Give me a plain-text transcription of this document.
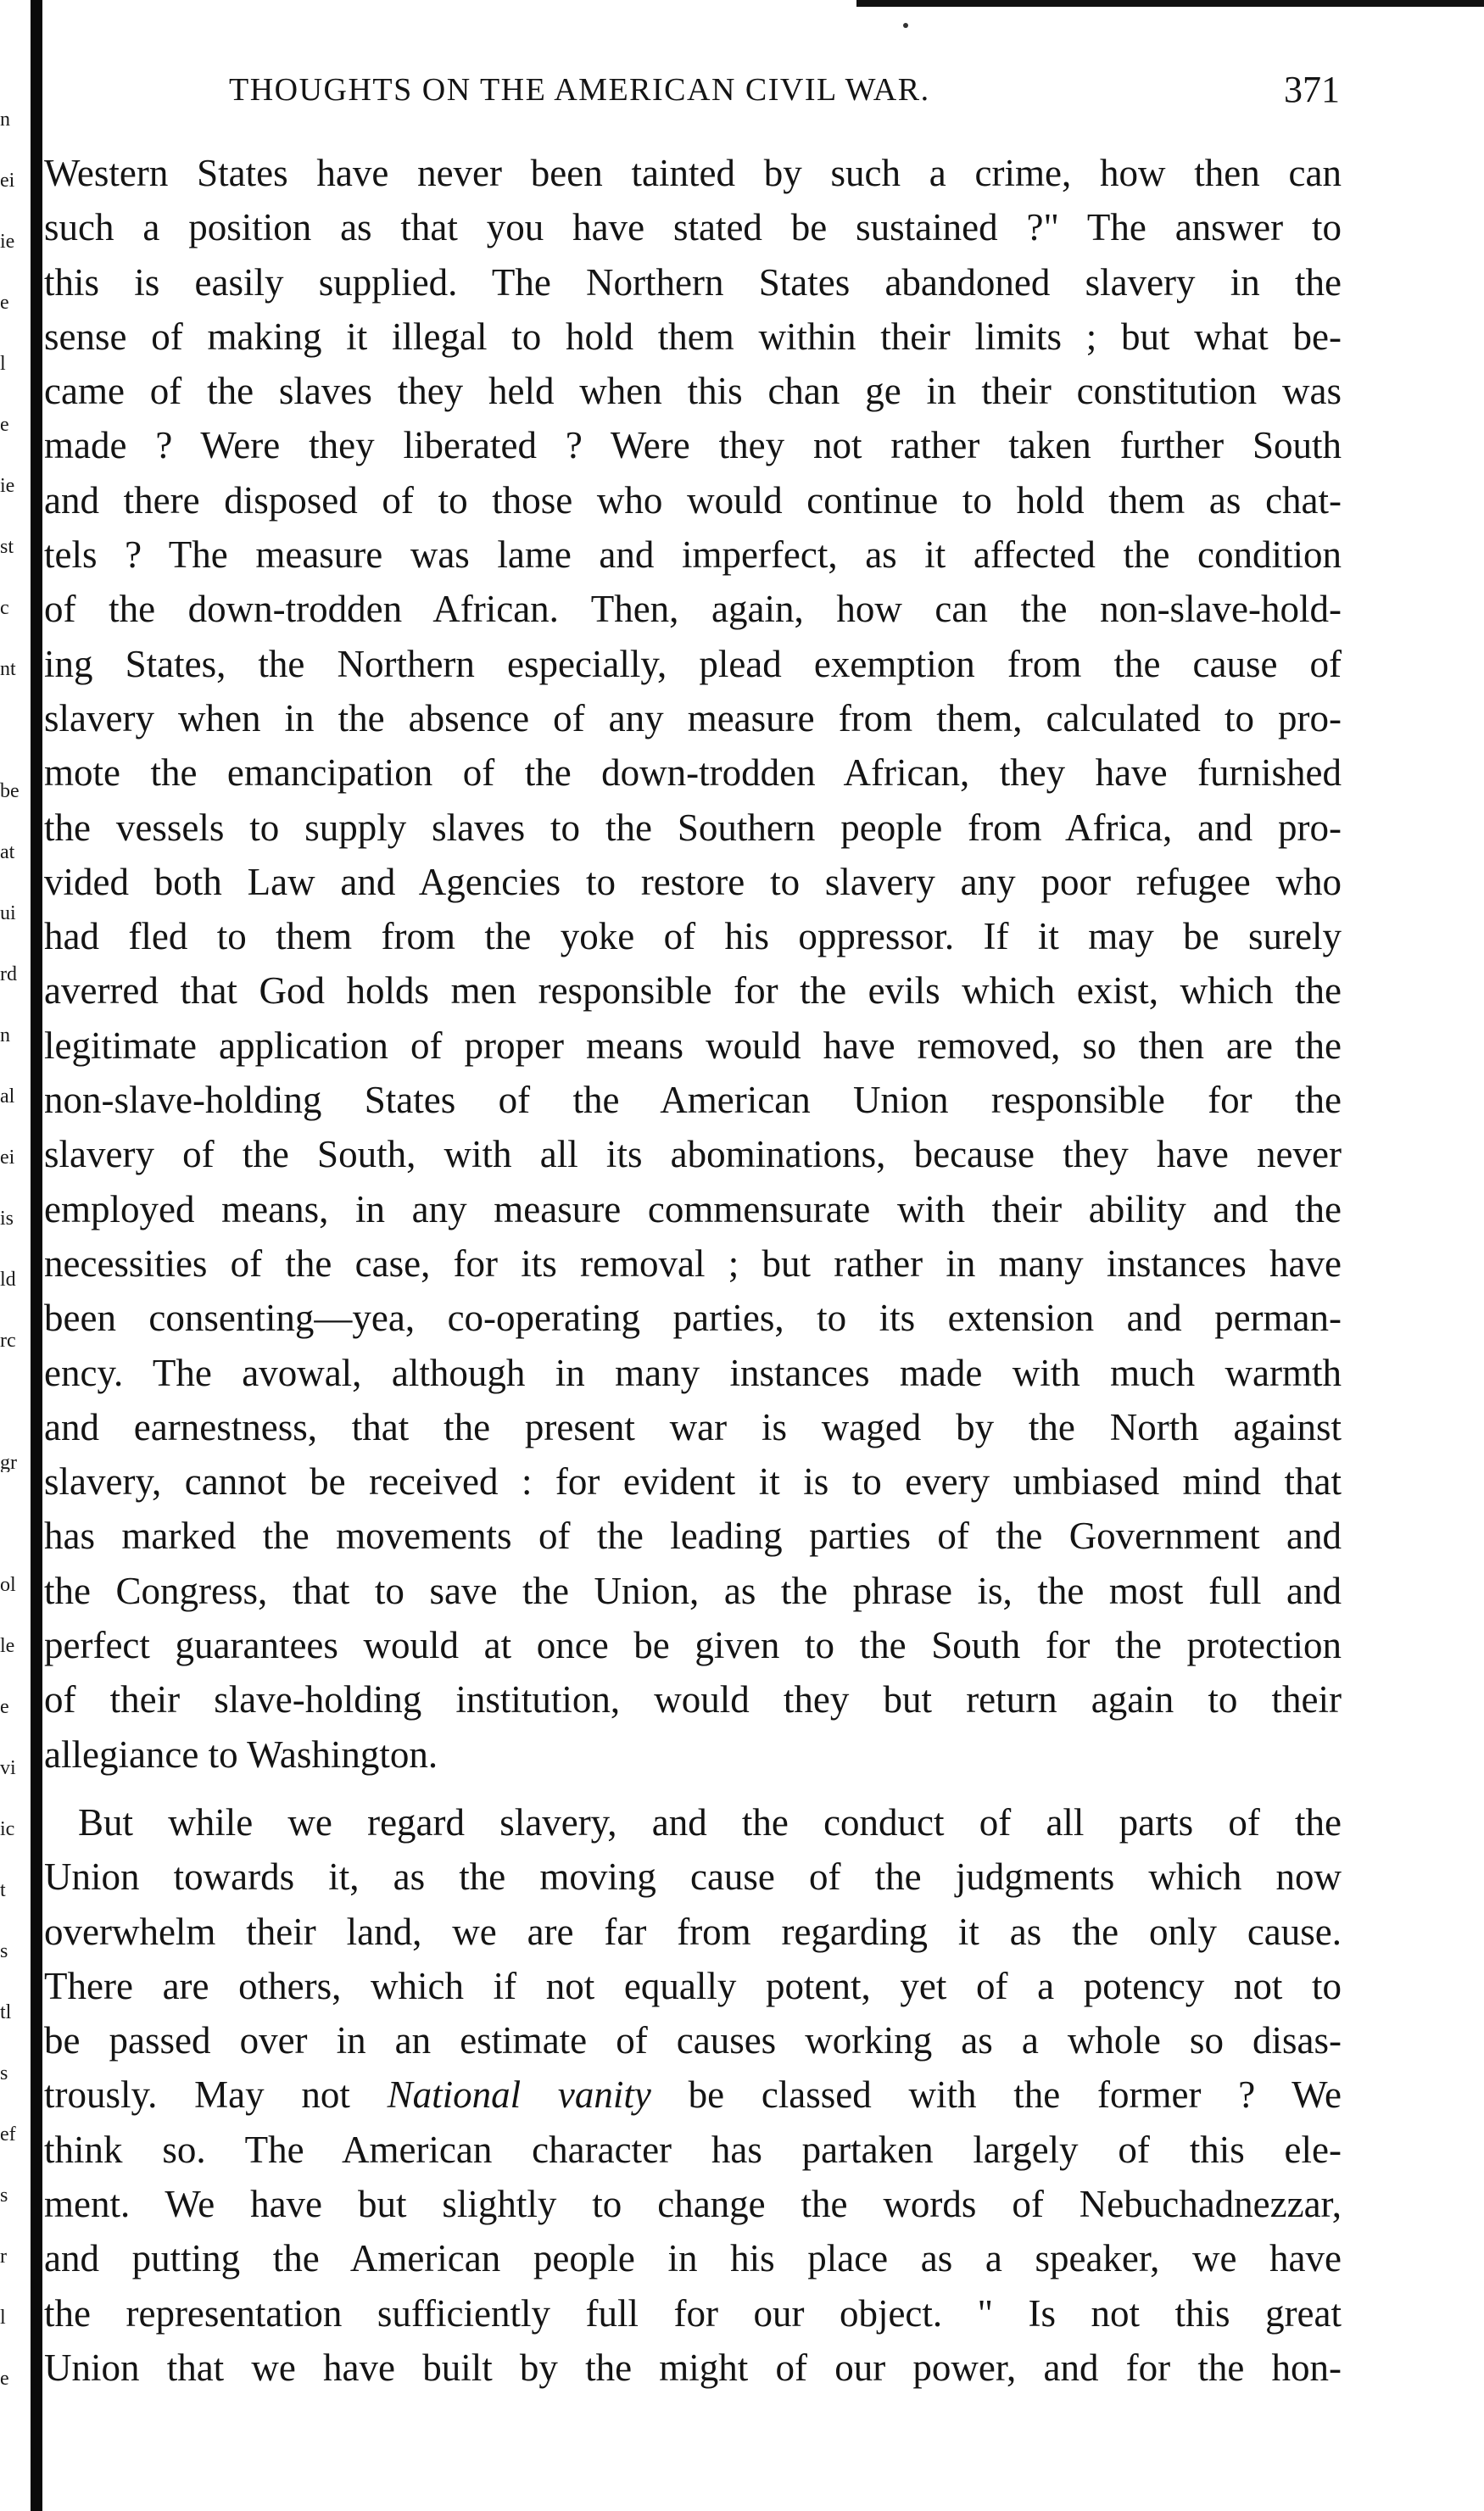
n
ei
ie
e
l
e
ie
st
c
nt
be
at
ui
rd
n
al
ei
is
ld
rc
gr
ol
le
e
vi
ic
t
s
tl
s
ef
s
r
l
e
THOUGHTS ON THE AMERICAN CIVIL WAR.	371
Western States have never been tainted by such a crime, how then can
such a position as that you have stated be sustained ?" The answer to
this is easily supplied. The Northern States abandoned slavery in the
sense of making it illegal to hold them within their limits ; but what be-
came of the slaves they held when this chan ge in their constitution was
made ? Were they liberated ? Were they not rather taken further South
and there disposed of to those who would continue to hold them as chat-
tels ? The measure was lame and imperfect, as it affected the condition
of the down-trodden African. Then, again, how can the non-slave-hold-
ing States, the Northern especially, plead exemption from the cause of
slavery when in the absence of any measure from them, calculated to pro-
mote the emancipation of the down-trodden African, they have furnished
the vessels to supply slaves to the Southern people from Africa, and pro-
vided both Law and Agencies to restore to slavery any poor refugee who
had fled to them from the yoke of his oppressor. If it may be surely
averred that God holds men responsible for the evils which exist, which the
legitimate application of proper means would have removed, so then are the
non-slave-holding States of the American Union responsible for the
slavery of the South, with all its abominations, because they have never
employed means, in any measure commensurate with their ability and the
necessities of the case, for its removal ; but rather in many instances have
been consenting—yea, co-operating parties, to its extension and perman-
ency. The avowal, although in many instances made with much warmth
and earnestness, that the present war is waged by the North against
slavery, cannot be received : for evident it is to every umbiased mind that
has marked the movements of the leading parties of the Government and
the Congress, that to save the Union, as the phrase is, the most full and
perfect guarantees would at once be given to the South for the protection
of their slave-holding institution, would they but return again to their
allegiance to Washington.
But while we regard slavery, and the conduct of all parts of the
Union towards it, as the moving cause of the judgments which now
overwhelm their land, we are far from regarding it as the only cause.
There are others, which if not equally potent, yet of a potency not to
be passed over in an estimate of causes working as a whole so disas-
trously. May not National vanity be classed with the former ? We
think so. The American character has partaken largely of this ele-
ment. We have but slightly to change the words of Nebuchadnezzar,
and putting the American people in his place as a speaker, we have
the representation sufficiently full for our object. " Is not this great
Union that we have built by the might of our power, and for the hon-
